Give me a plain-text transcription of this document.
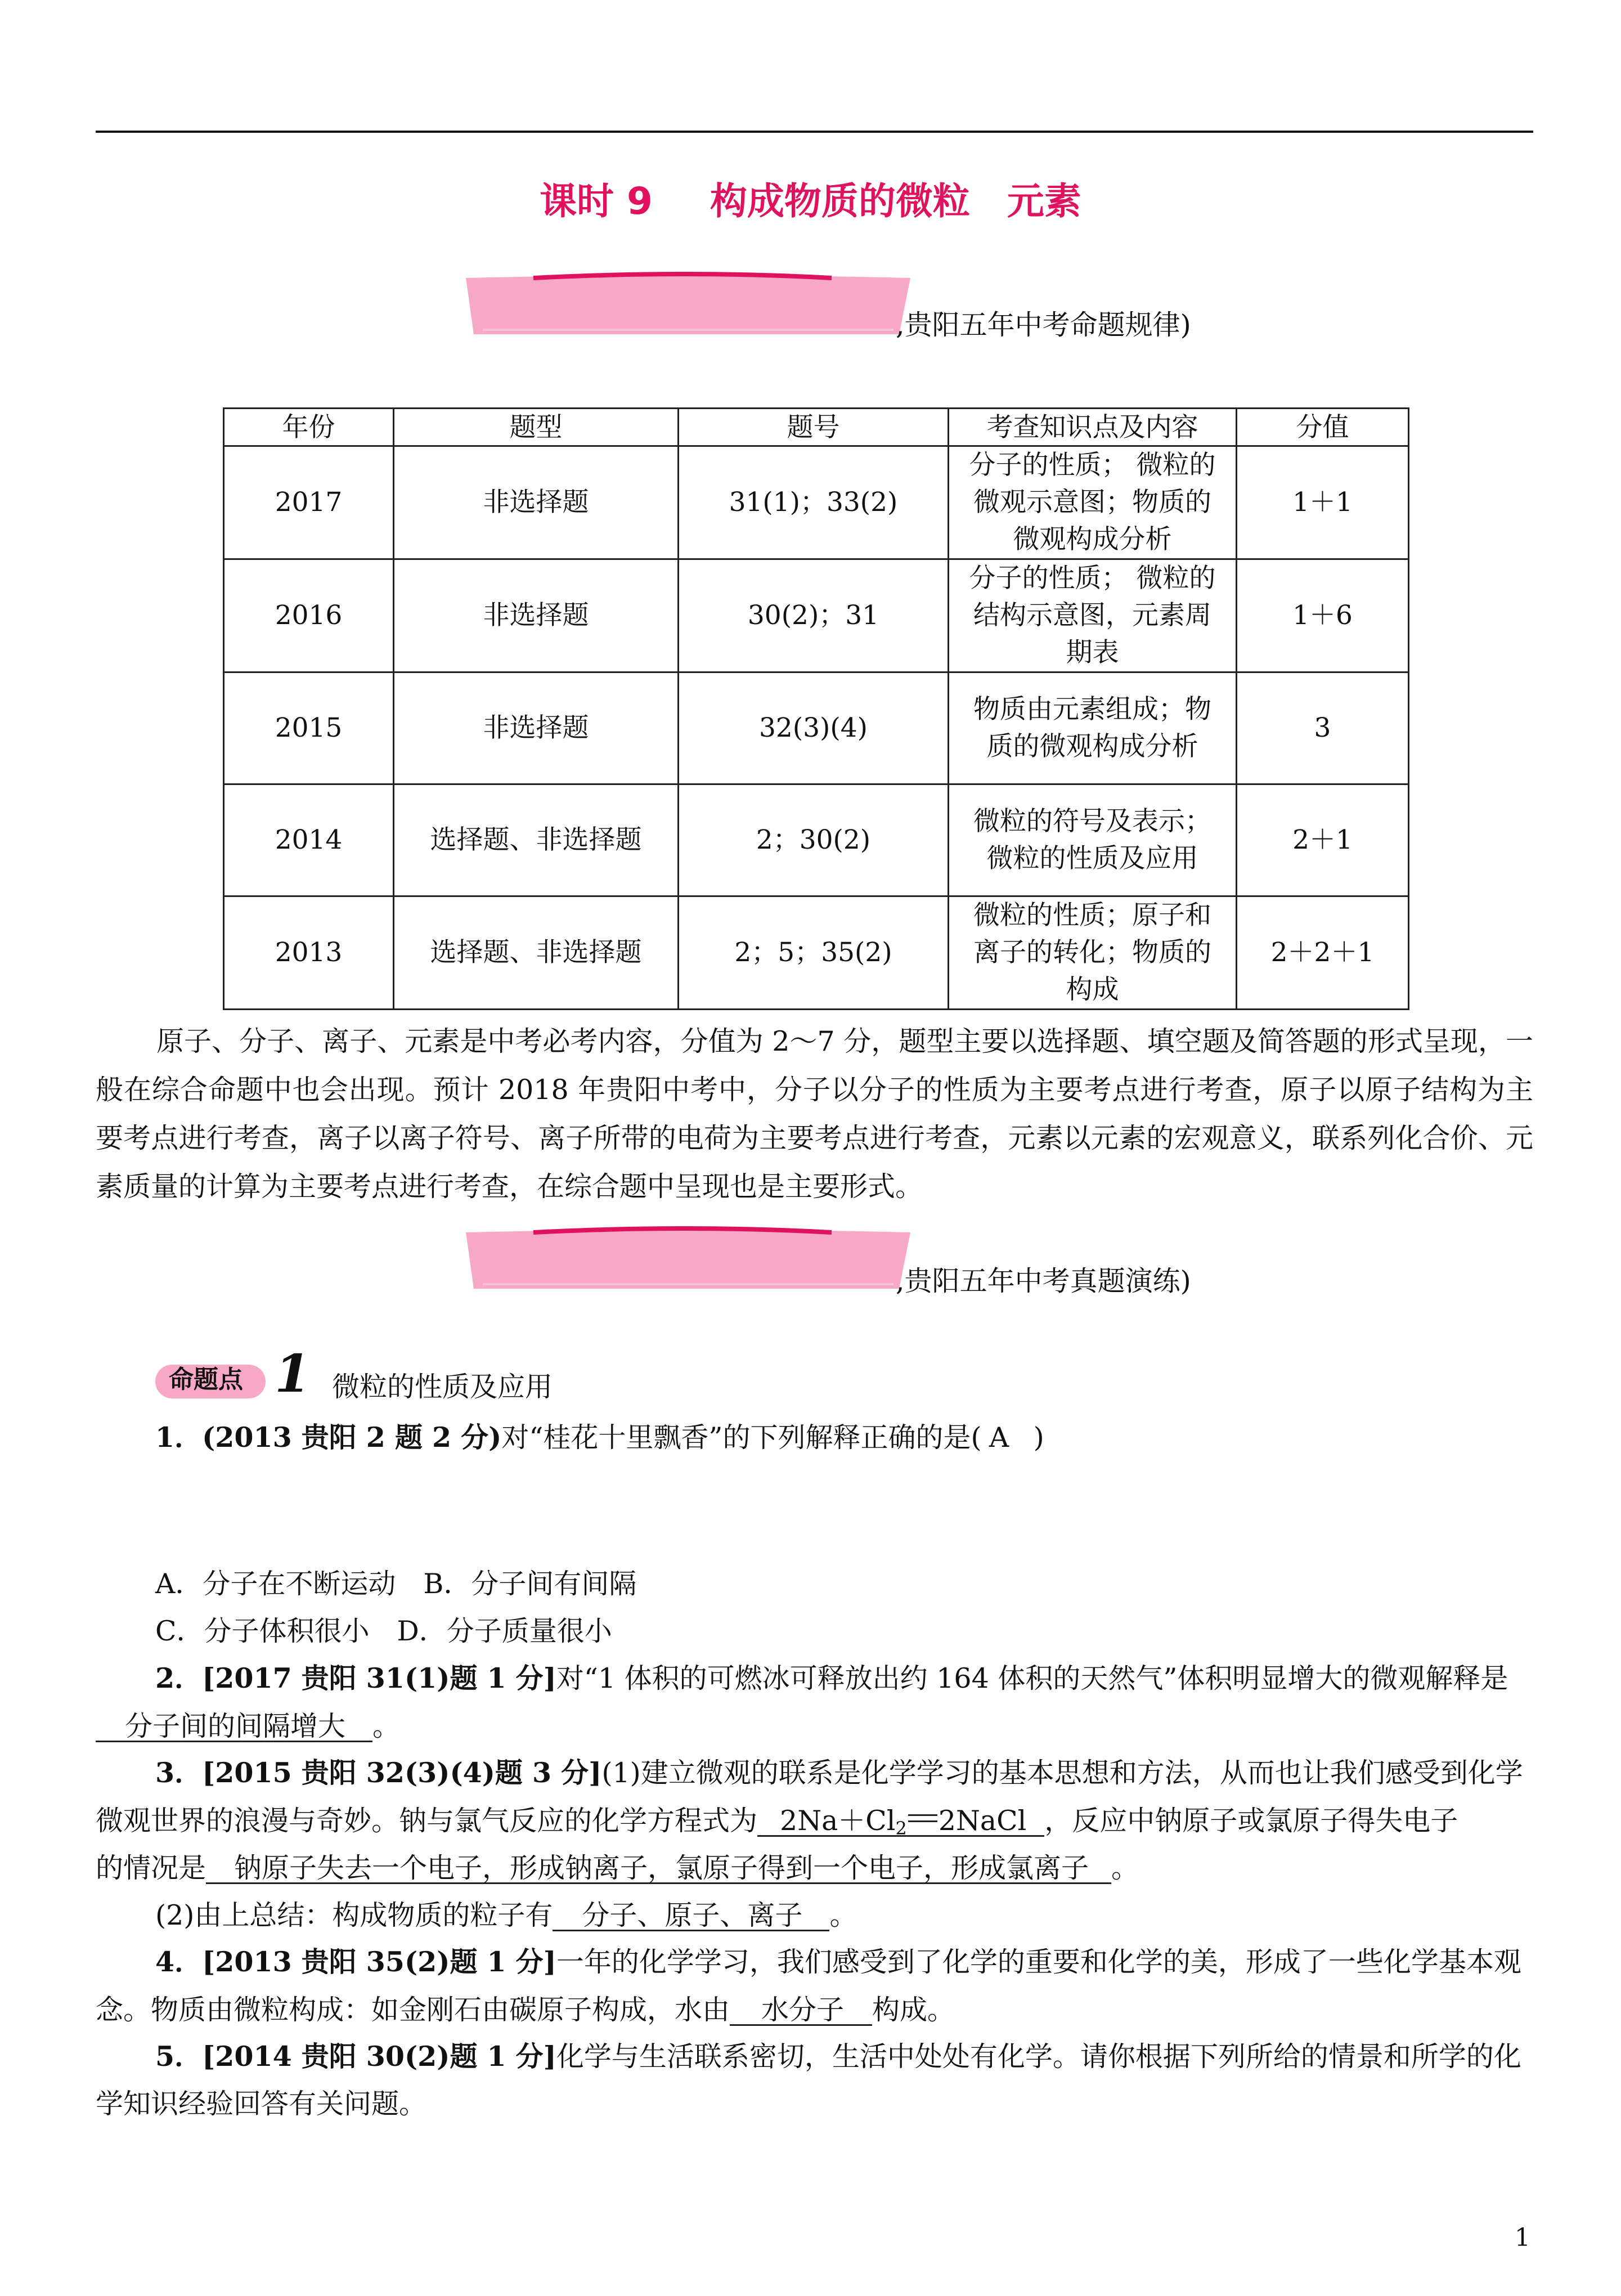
课时 9 构成物质的微粒　元素
,贵阳五年中考命题规律)
年份	题型	题号	考查知识点及内容	分值
2017	非选择题	31(1)；33(2)	分子的性质； 微粒的微观示意图；物质的微观构成分析	1＋1
2016	非选择题	30(2)；31	分子的性质； 微粒的结构示意图，元素周期表	1＋6
2015	非选择题	32(3)(4)	物质由元素组成；物质的微观构成分析	3
2014	选择题、非选择题	2；30(2)	微粒的符号及表示；微粒的性质及应用	2＋1
2013	选择题、非选择题	2；5；35(2)	微粒的性质；原子和离子的转化；物质的构成	2＋2＋1
原子、分子、离子、元素是中考必考内容，分值为 2～7 分，题型主要以选择题、填空题及简答题的形式呈现，一般在综合命题中也会出现。预计 2018 年贵阳中考中，分子以分子的性质为主要考点进行考查，原子以原子结构为主要考点进行考查，离子以离子符号、离子所带的电荷为主要考点进行考查，元素以元素的宏观意义，联系列化合价、元素质量的计算为主要考点进行考查，在综合题中呈现也是主要形式。
,贵阳五年中考真题演练)
命题点 1 微粒的性质及应用
1．(2013 贵阳 2 题 2 分)对“桂花十里飘香”的下列解释正确的是( A )
A．分子在不断运动　B．分子间有间隔
C．分子体积很小　D．分子质量很小
2．[2017 贵阳 31(1)题 1 分]对“1 体积的可燃冰可释放出约 164 体积的天然气”体积明显增大的微观解释是
分子间的间隔增大 。
3．[2015 贵阳 32(3)(4)题 3 分](1)建立微观的联系是化学学习的基本思想和方法，从而也让我们感受到化学
微观世界的浪漫与奇妙。钠与氯气反应的化学方程式为 $2Na+Cl_2$ 2NaCl ，反应中钠原子或氯原子得失电子
的情况是 钠原子失去一个电子，形成钠离子，氯原子得到一个电子，形成氯离子 。
(2)由上总结：构成物质的粒子有 分子、原子、离子 。
4．[2013 贵阳 35(2)题 1 分]一年的化学学习，我们感受到了化学的重要和化学的美，形成了一些化学基本观
念。物质由微粒构成：如金刚石由碳原子构成，水由 水分子 构成。
5．[2014 贵阳 30(2)题 1 分]化学与生活联系密切，生活中处处有化学。请你根据下列所给的情景和所学的化
学知识经验回答有关问题。
1
